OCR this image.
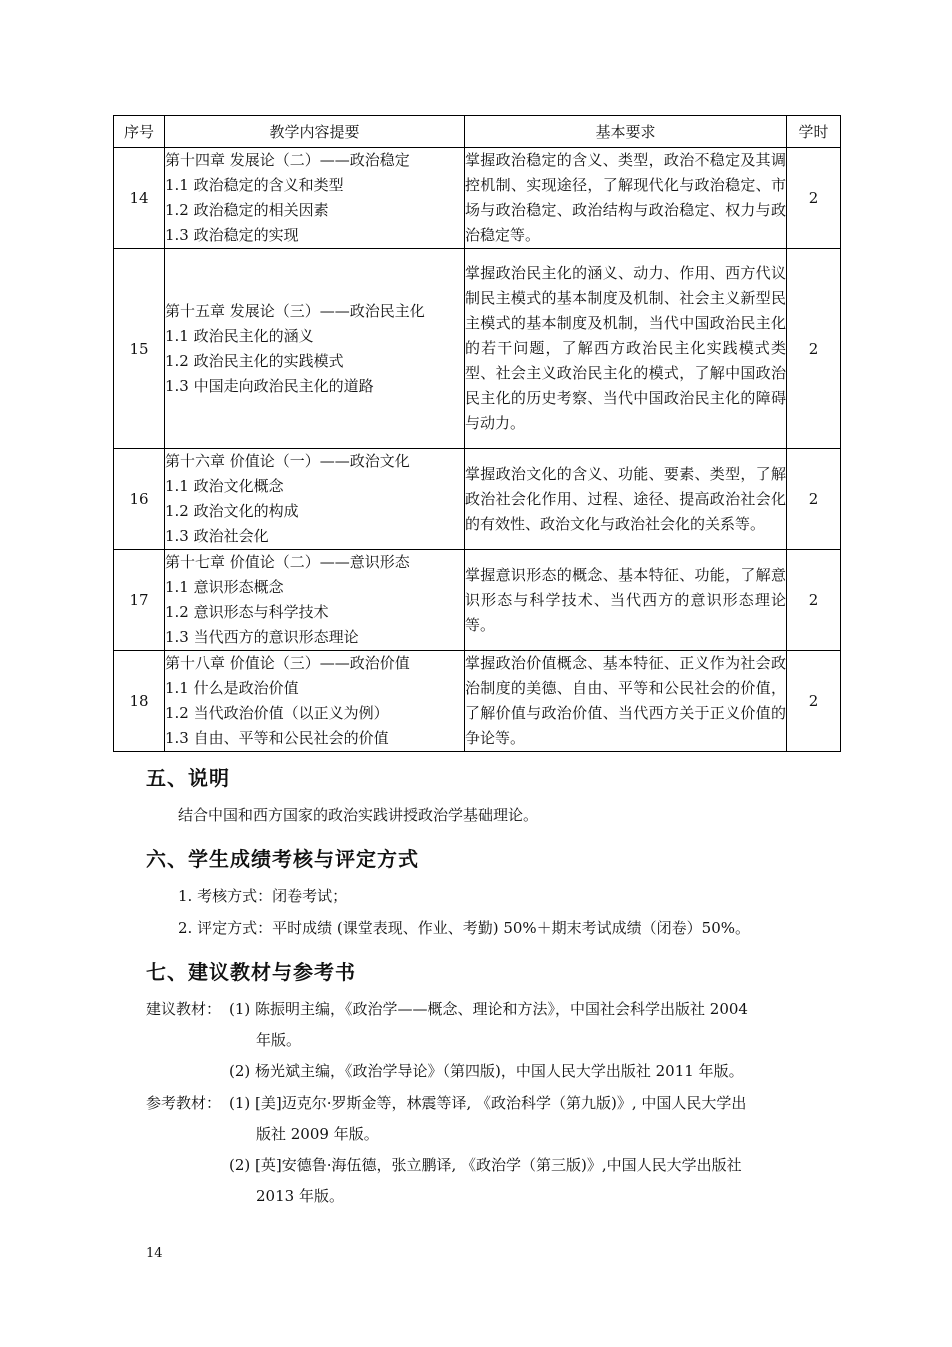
序号	教学内容提要	基本要求	学时
14	第十四章 发展论（二）——政治稳定
1.1 政治稳定的含义和类型
1.2 政治稳定的相关因素
1.3 政治稳定的实现	掌握政治稳定的含义、类型，政治不稳定及其调控机制、实现途径，了解现代化与政治稳定、市场与政治稳定、政治结构与政治稳定、权力与政治稳定等。	2
15	第十五章 发展论（三）——政治民主化
1.1 政治民主化的涵义
1.2 政治民主化的实践模式
1.3 中国走向政治民主化的道路	掌握政治民主化的涵义、动力、作用、西方代议制民主模式的基本制度及机制、社会主义新型民主模式的基本制度及机制，当代中国政治民主化的若干问题，了解西方政治民主化实践模式类型、社会主义政治民主化的模式，了解中国政治民主化的历史考察、当代中国政治民主化的障碍与动力。	2
16	第十六章 价值论（一）——政治文化
1.1 政治文化概念
1.2 政治文化的构成
1.3 政治社会化	掌握政治文化的含义、功能、要素、类型，了解政治社会化作用、过程、途径、提高政治社会化的有效性、政治文化与政治社会化的关系等。	2
17	第十七章 价值论（二）——意识形态
1.1 意识形态概念
1.2 意识形态与科学技术
1.3 当代西方的意识形态理论	掌握意识形态的概念、基本特征、功能，了解意识形态与科学技术、当代西方的意识形态理论等。	2
18	第十八章 价值论（三）——政治价值
1.1 什么是政治价值
1.2 当代政治价值（以正义为例）
1.3 自由、平等和公民社会的价值	掌握政治价值概念、基本特征、正义作为社会政治制度的美德、自由、平等和公民社会的价值，了解价值与政治价值、当代西方关于正义价值的争论等。	2
五、说明
结合中国和西方国家的政治实践讲授政治学基础理论。
六、学生成绩考核与评定方式
1. 考核方式：闭卷考试；
2. 评定方式：平时成绩 (课堂表现、作业、考勤) 50%＋期末考试成绩（闭卷）50%。
七、建议教材与参考书
建议教材： (1) 陈振明主编，《政治学——概念、理论和方法》，中国社会科学出版社 2004
年版。
(2) 杨光斌主编，《政治学导论》（第四版)，中国人民大学出版社 2011 年版。
参考教材： (1) [美]迈克尔·罗斯金等，林震等译, 《政治科学（第九版)》, 中国人民大学出
版社 2009 年版。
(2) [英]安德鲁·海伍德，张立鹏译, 《政治学（第三版)》,中国人民大学出版社
2013 年版。
14
